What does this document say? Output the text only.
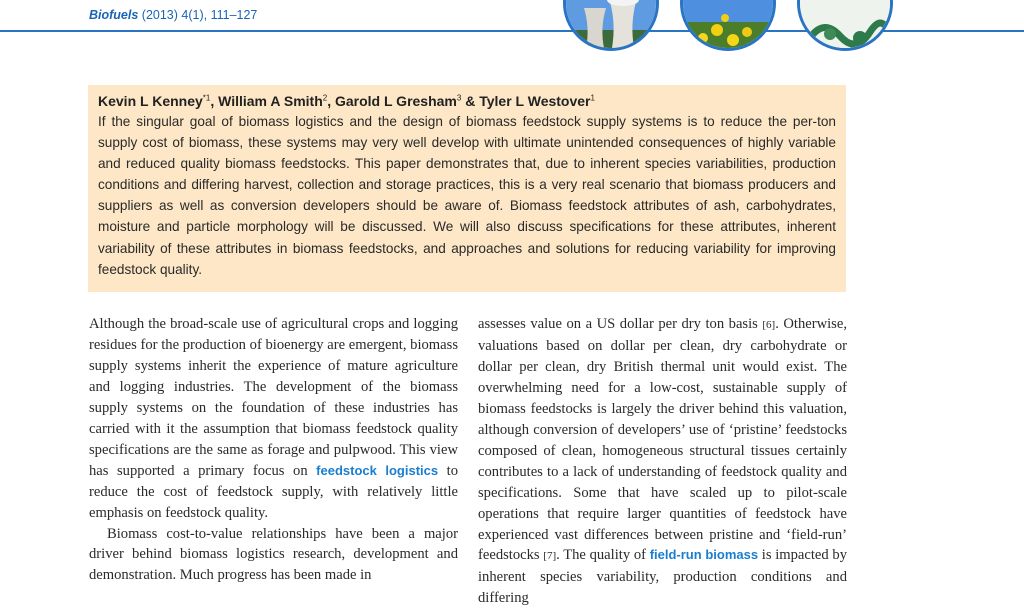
Biofuels (2013) 4(1), 111–127
Kevin L Kenney$^{*1}$, William A Smith$^2$, Garold L Gresham$^3$ & Tyler L Westover$^1$
If the singular goal of biomass logistics and the design of biomass feedstock supply systems is to reduce the per-ton supply cost of biomass, these systems may very well develop with ultimate unintended consequences of highly variable and reduced quality biomass feedstocks. This paper demonstrates that, due to inherent species variabilities, production conditions and differing harvest, collection and storage practices, this is a very real scenario that biomass producers and suppliers as well as conversion developers should be aware of. Biomass feedstock attributes of ash, carbohydrates, moisture and particle morphology will be discussed. We will also discuss specifications for these attributes, inherent variability of these attributes in biomass feedstocks, and approaches and solutions for reducing variability for improving feedstock quality.

Although the broad-scale use of agricultural crops and logging residues for the production of bioenergy are emergent, biomass supply systems inherit the experience of mature agriculture and logging industries. The development of the biomass supply systems on the foundation of these industries has carried with it the assumption that biomass feedstock quality specifications are the same as forage and pulpwood. This view has supported a primary focus on feedstock logistics to reduce the cost of feedstock supply, with relatively little emphasis on feedstock quality.

Biomass cost-to-value relationships have been a major driver behind biomass logistics research, development and demonstration. Much progress has been made in

assesses value on a US dollar per dry ton basis [6]. Otherwise, valuations based on dollar per clean, dry carbohydrate or dollar per clean, dry British thermal unit would exist. The overwhelming need for a low-cost, sustainable supply of biomass feedstocks is largely the driver behind this valuation, although conversion of developers’ use of ‘pristine’ feedstocks composed of clean, homogeneous structural tissues certainly contributes to a lack of understanding of feedstock quality and specifications. Some that have scaled up to pilot-scale operations that require larger quantities of feedstock have experienced vast differences between pristine and ‘field-run’ feedstocks [7]. The quality of field-run biomass is impacted by inherent species variability, production conditions and differing
